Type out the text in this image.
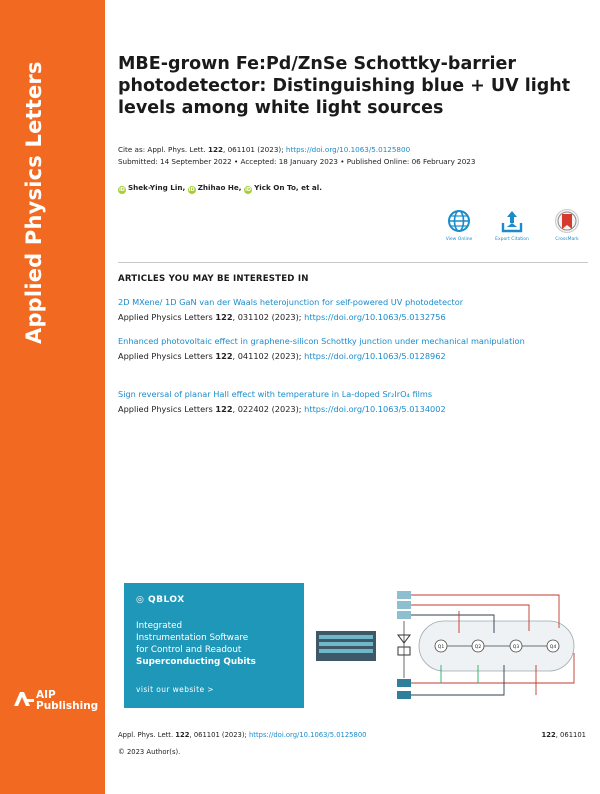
Applied Physics Letters
AIP
Publishing
MBE-grown Fe:Pd/ZnSe Schottky-barrier
photodetector: Distinguishing blue + UV light
levels among white light sources
Cite as: Appl. Phys. Lett. 122, 061101 (2023); https://doi.org/10.1063/5.0125800
Submitted: 14 September 2022 • Accepted: 18 January 2023 • Published Online: 06 February 2023
iD Shek-Ying Lin, iD Zhihao He, iD Yick On To, et al.
View Online	Export Citation	CrossMark
ARTICLES YOU MAY BE INTERESTED IN
2D MXene/ 1D GaN van der Waals heterojunction for self-powered UV photodetector
Applied Physics Letters 122, 031102 (2023); https://doi.org/10.1063/5.0132756
Enhanced photovoltaic effect in graphene-silicon Schottky junction under mechanical manipulation
Applied Physics Letters 122, 041102 (2023); https://doi.org/10.1063/5.0128962
Sign reversal of planar Hall effect with temperature in La-doped Sr₂IrO₄ films
Applied Physics Letters 122, 022402 (2023); https://doi.org/10.1063/5.0134002
◎ QBLOX
Integrated
Instrumentation Software
for Control and Readout
Superconducting Qubits
visit our website >
Q1	Q2	Q3	Q4
Appl. Phys. Lett. 122, 061101 (2023); https://doi.org/10.1063/5.0125800	122, 061101
© 2023 Author(s).
